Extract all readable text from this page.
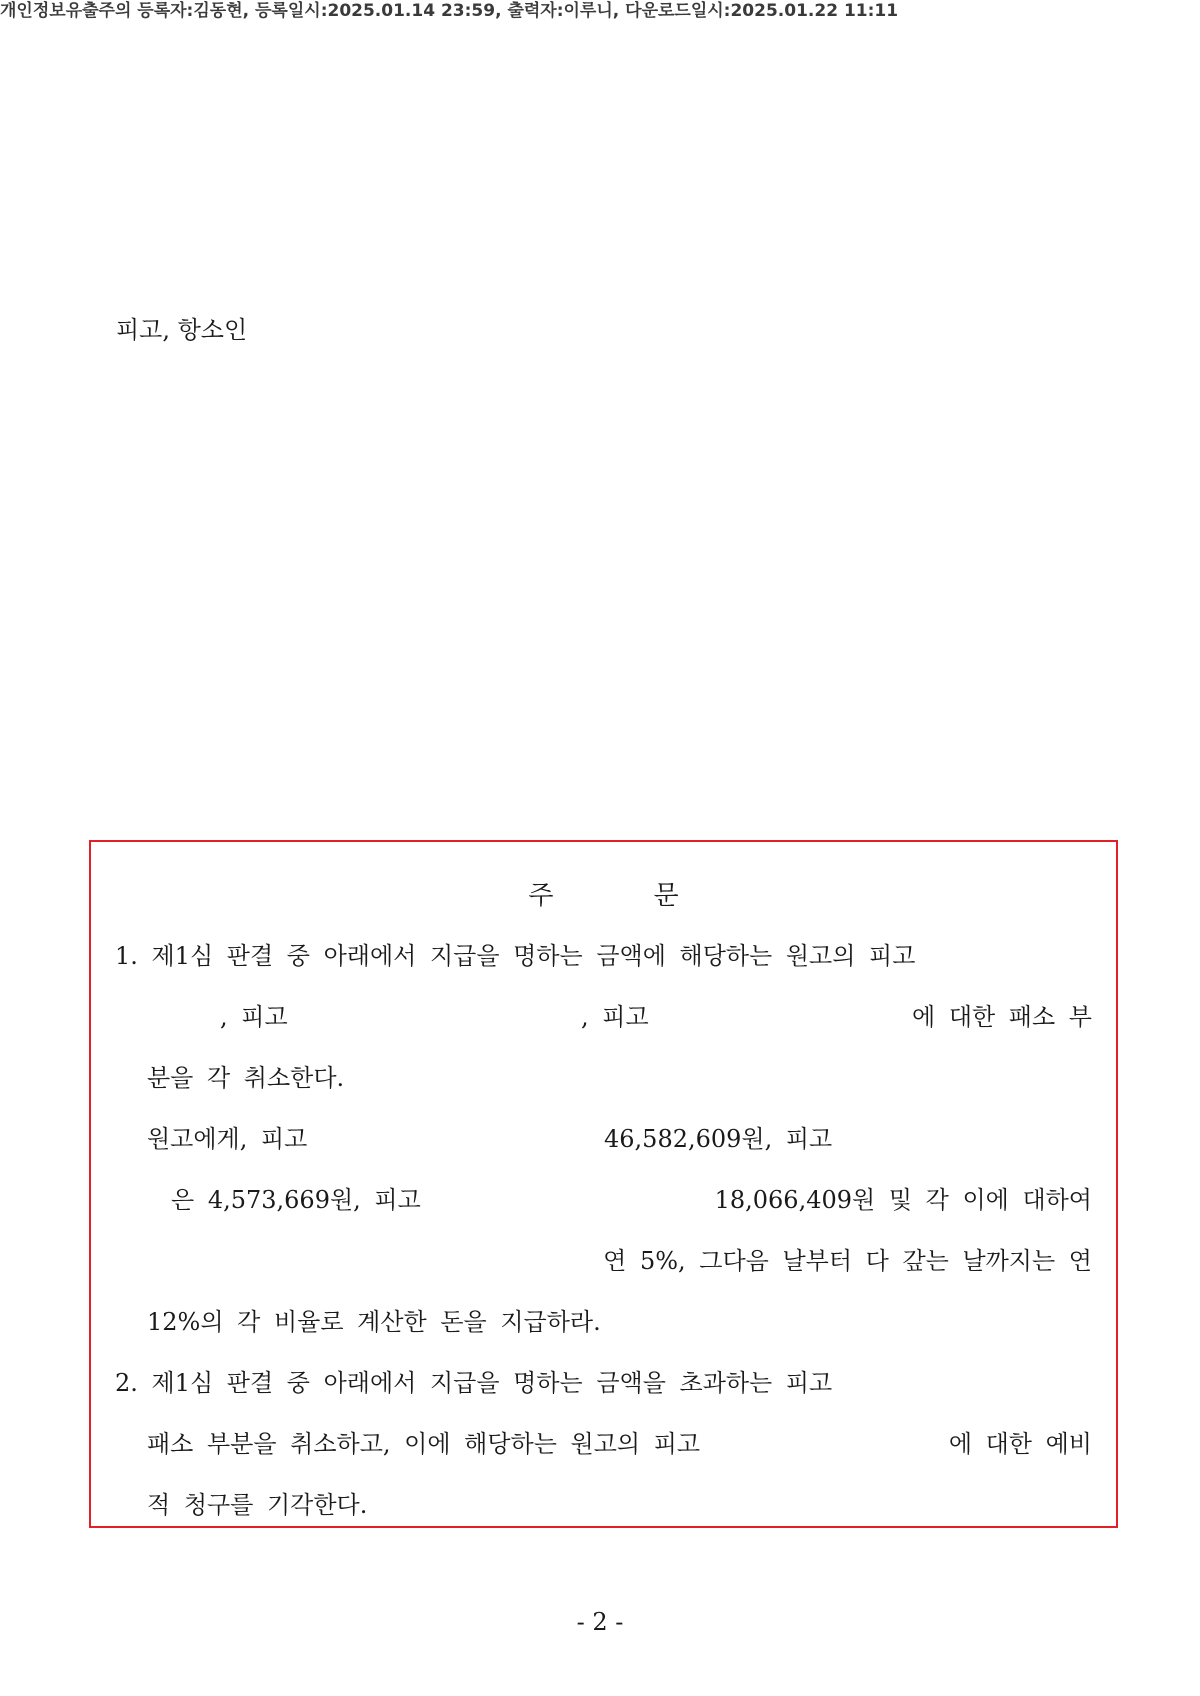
개인정보유출주의 등록자:김동현, 등록일시:2025.01.14 23:59, 출력자:이루니, 다운로드일시:2025.01.22 11:11
피고, 항소인
주	문
1. 제1심 판결 중 아래에서 지급을 명하는 금액에 해당하는 원고의 피고
, 피고	, 피고	에 대한 패소 부
분을 각 취소한다.
원고에게, 피고	46,582,609원, 피고
은 4,573,669원, 피고	18,066,409원 및 각 이에 대하여
연 5%, 그다음 날부터 다 갚는 날까지는 연
12%의 각 비율로 계산한 돈을 지급하라.
2. 제1심 판결 중 아래에서 지급을 명하는 금액을 초과하는 피고
패소 부분을 취소하고, 이에 해당하는 원고의 피고	에 대한 예비
적 청구를 기각한다.
- 2 -
